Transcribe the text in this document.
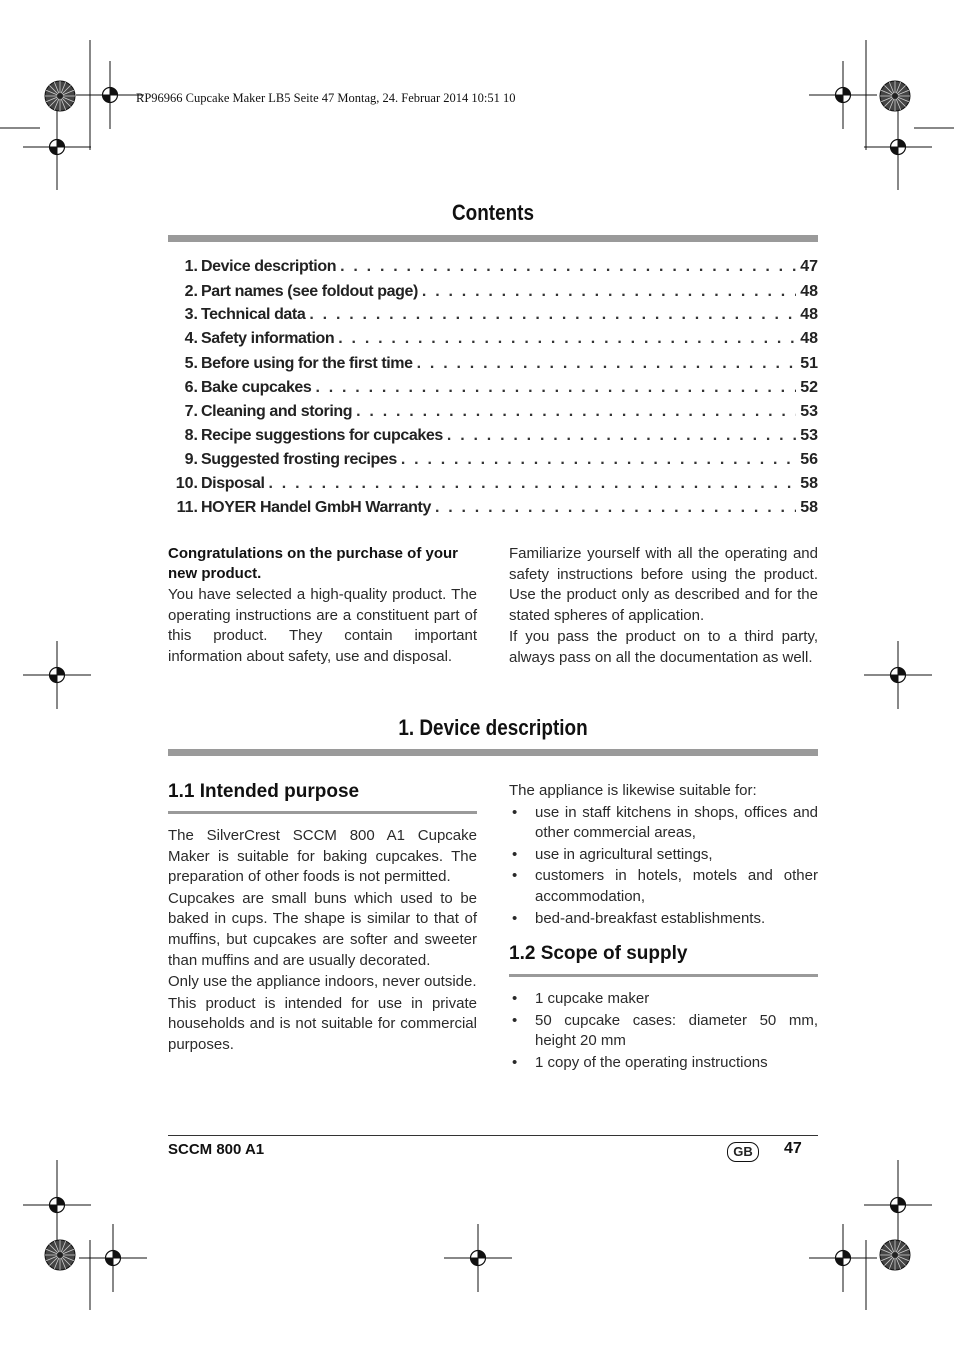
RP96966 Cupcake Maker LB5 Seite 47 Montag, 24. Februar 2014 10:51 10
Contents
1. Device description . . .	47
2. Part names (see foldout page) . . .	48
3. Technical data . . .	48
4. Safety information . . .	48
5. Before using for the first time . . .	51
6. Bake cupcakes . . .	52
7. Cleaning and storing . . .	53
8. Recipe suggestions for cupcakes . . .	53
9. Suggested frosting recipes . . .	56
10. Disposal . . .	58
11. HOYER Handel GmbH Warranty . . .	58

Congratulations on the purchase of your new product.

You have selected a high-quality product. The operating instructions are a constituent part of this product. They contain important information about safety, use and disposal.

Familiarize yourself with all the operating and safety instructions before using the product. Use the product only as described and for the stated spheres of application.

If you pass the product on to a third party, always pass on all the documentation as well.

1. Device description
1.1 Intended purpose

The SilverCrest SCCM 800 A1 Cupcake Maker is suitable for baking cupcakes. The preparation of other foods is not permitted.

Cupcakes are small buns which used to be baked in cups. The shape is similar to that of muffins, but cupcakes are softer and sweeter than muffins and are usually decorated.

Only use the appliance indoors, never outside.

This product is intended for use in private households and is not suitable for commercial purposes.

The appliance is likewise suitable for:

• use in staff kitchens in shops, offices and other commercial areas,
• use in agricultural settings,
• customers in hotels, motels and other accommodation,
• bed-and-breakfast establishments.
1.2 Scope of supply
• 1 cupcake maker
• 50 cupcake cases: diameter 50 mm, height 20 mm
• 1 copy of the operating instructions
SCCM 800 A1	GB	47
